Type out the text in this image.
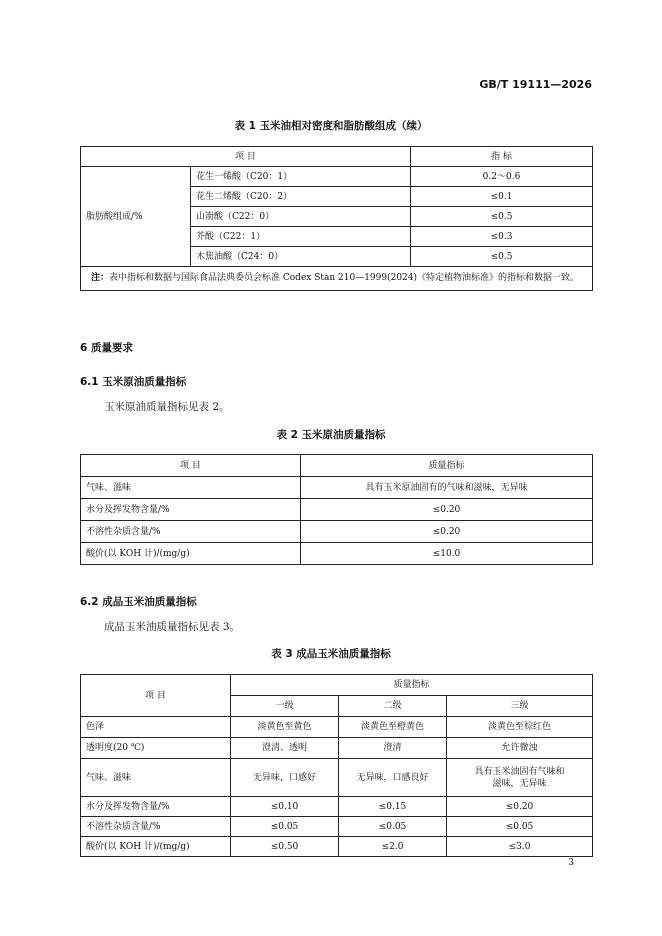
GB/T 19111—2026
表 1 玉米油相对密度和脂肪酸组成（续）
项 目		指 标
脂肪酸组成/%	花生一烯酸（C20：1）	0.2～0.6
	花生二烯酸（C20：2）	≤0.1
	山嵛酸（C22：0）	≤0.5
	芥酸（C22：1）	≤0.3
	木焦油酸（C24：0）	≤0.5
注：表中指标和数据与国际食品法典委员会标准 Codex Stan 210—1999(2024)《特定植物油标准》的指标和数据一致。		
6 质量要求
6.1 玉米原油质量指标
玉米原油质量指标见表 2。
表 2 玉米原油质量指标
项 目	质量指标
气味、滋味	具有玉米原油固有的气味和滋味，无异味
水分及挥发物含量/%	≤0.20
不溶性杂质含量/%	≤0.20
酸价(以 KOH 计)/(mg/g)	≤10.0
6.2 成品玉米油质量指标
成品玉米油质量指标见表 3。
表 3 成品玉米油质量指标
项 目	质量指标		
	一级	二级	三级
色泽	淡黄色至黄色	淡黄色至橙黄色	淡黄色至棕红色
透明度(20 ℃)	澄清、透明	澄清	允许微浊
气味、滋味	无异味，口感好	无异味，口感良好	具有玉米油固有气味和
滋味，无异味

水分及挥发物含量/%	≤0.10	≤0.15	≤0.20
不溶性杂质含量/%	≤0.05	≤0.05	≤0.05
酸价(以 KOH 计)/(mg/g)	≤0.50	≤2.0	≤3.0
3
